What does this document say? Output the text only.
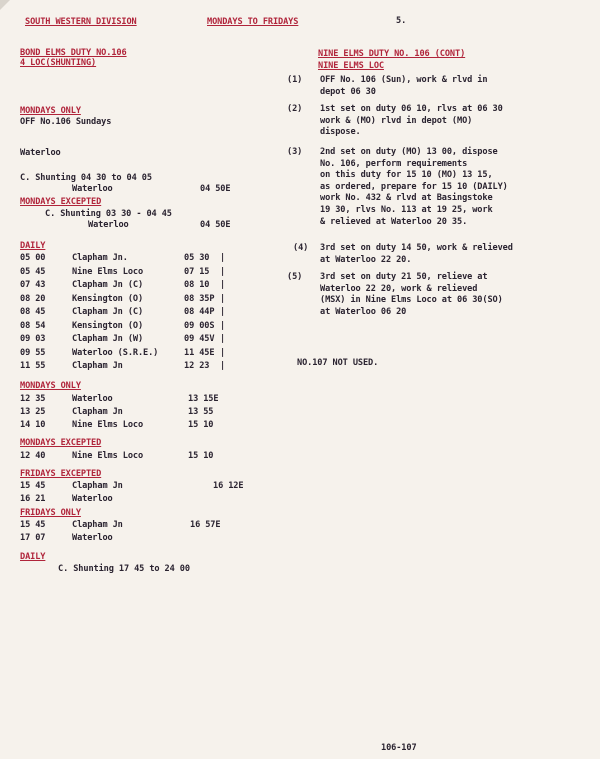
SOUTH WESTERN DIVISION	MONDAYS TO FRIDAYS	5.
BOND ELMS DUTY NO.106
4 LOC(SHUNTING)
MONDAYS ONLY
OFF No.106 Sundays
Waterloo
C. Shunting 04 30 to 04 05
Waterloo	04 50E
MONDAYS EXCEPTED
C. Shunting 03 30 - 04 45
Waterloo	04 50E
DAILY
05 00	Clapham Jn.	05 30 |
05 45	Nine Elms Loco	07 15 |
07 43	Clapham Jn (C)	08 10 |
08 20	Kensington (O)	08 35P |
08 45	Clapham Jn (C)	08 44P |
08 54	Kensington (O)	09 00S |
09 03	Clapham Jn (W)	09 45V |
09 55	Waterloo (S.R.E.)	11 45E |
11 55	Clapham Jn	12 23 |
MONDAYS ONLY
12 35	Waterloo	13 15E
13 25	Clapham Jn	13 55
14 10	Nine Elms Loco	15 10
MONDAYS EXCEPTED
12 40	Nine Elms Loco	15 10
FRIDAYS EXCEPTED
15 45	Clapham Jn	16 12E
16 21	Waterloo
FRIDAYS ONLY
15 45	Clapham Jn	16 57E
17 07	Waterloo
DAILY
C. Shunting 17 45 to 24 00
NINE ELMS DUTY NO. 106 (CONT)
NINE ELMS LOC
(1) OFF No. 106 (Sun), work & rlvd in
depot 06 30
(2) 1st set on duty 06 10, rlvs at 06 30
work & (MO) rlvd in depot (MO)
dispose.
(3) 2nd set on duty (MO) 13 00, dispose
No. 106, perform requirements
on this duty for 15 10 (MO) 13 15,
as ordered, prepare for 15 10 (DAILY)
work No. 432 & rlvd at Basingstoke
19 30, rlvs No. 113 at 19 25, work
& relieved at Waterloo 20 35.
(4) 3rd set on duty 14 50, work & relieved
at Waterloo 22 20.
(5) 3rd set on duty 21 50, relieve at
Waterloo 22 20, work & relieved
(MSX) in Nine Elms Loco at 06 30(SO)
at Waterloo 06 20
NO.107 NOT USED.
106-107
